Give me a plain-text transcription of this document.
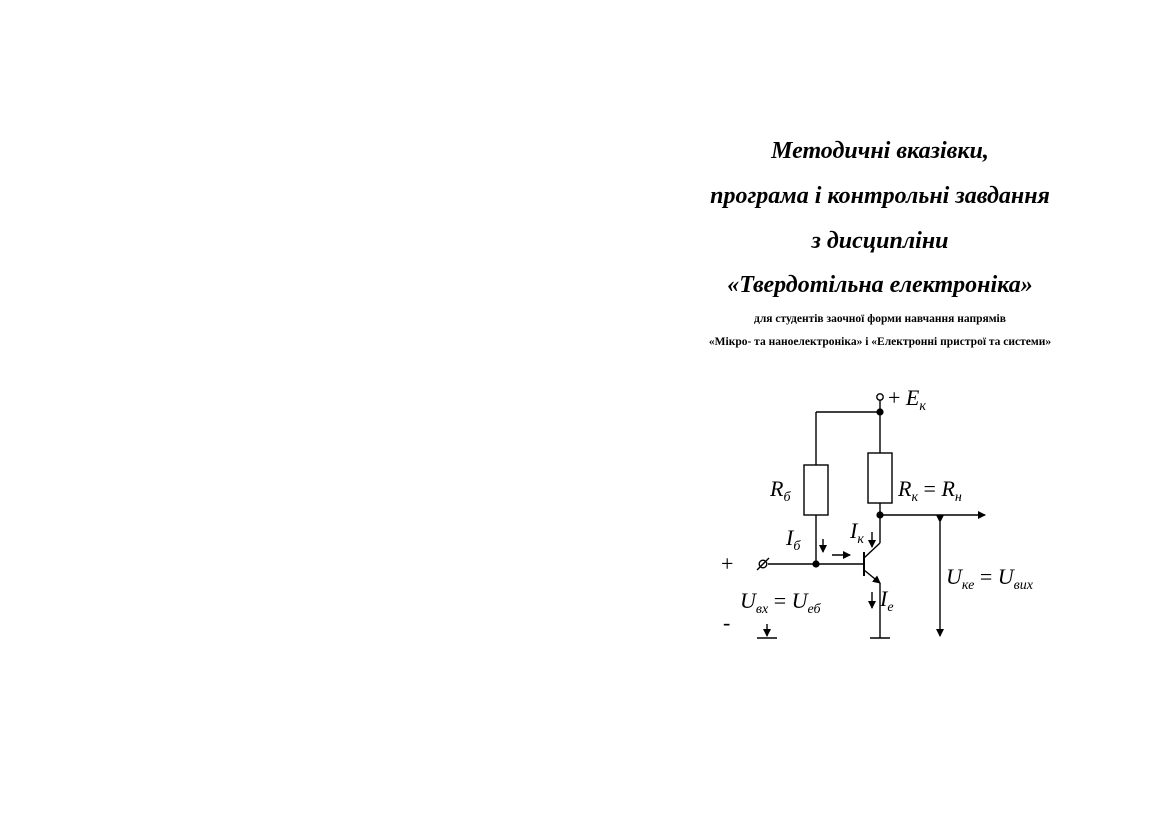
Методичні вказівки,
програма і контрольні завдання
з дисципліни
«Твердотільна електроніка»
для студентів заочної форми навчання напрямів
«Мікро- та наноелектроніка» і «Електронні пристрої та системи»
+ $E_к$
$R_б$	$R_к = R_н$
$I_б$
$I_к$
$I_е$
$U_{вх} = U_{еб}$
$U_{ке} = U_{вих}$
+
-
